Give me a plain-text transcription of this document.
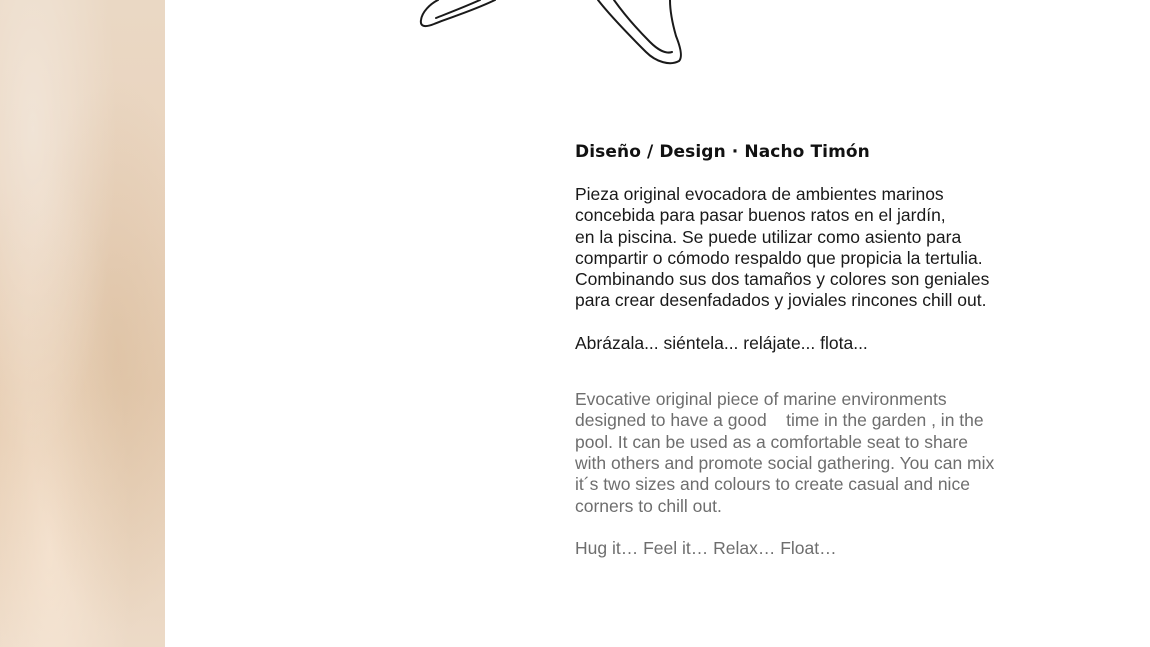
Diseño / Design · Nacho Timón
Pieza original evocadora de ambientes marinos
concebida para pasar buenos ratos en el jardín,
en la piscina. Se puede utilizar como asiento para
compartir o cómodo respaldo que propicia la tertulia.
Combinando sus dos tamaños y colores son geniales
para crear desenfadados y joviales rincones chill out.
Abrázala... siéntela... relájate... flota...
Evocative original piece of marine environments
designed to have a good    time in the garden , in the
pool. It can be used as a comfortable seat to share
with others and promote social gathering. You can mix
it´s two sizes and colours to create casual and nice
corners to chill out.
Hug it… Feel it… Relax… Float…
